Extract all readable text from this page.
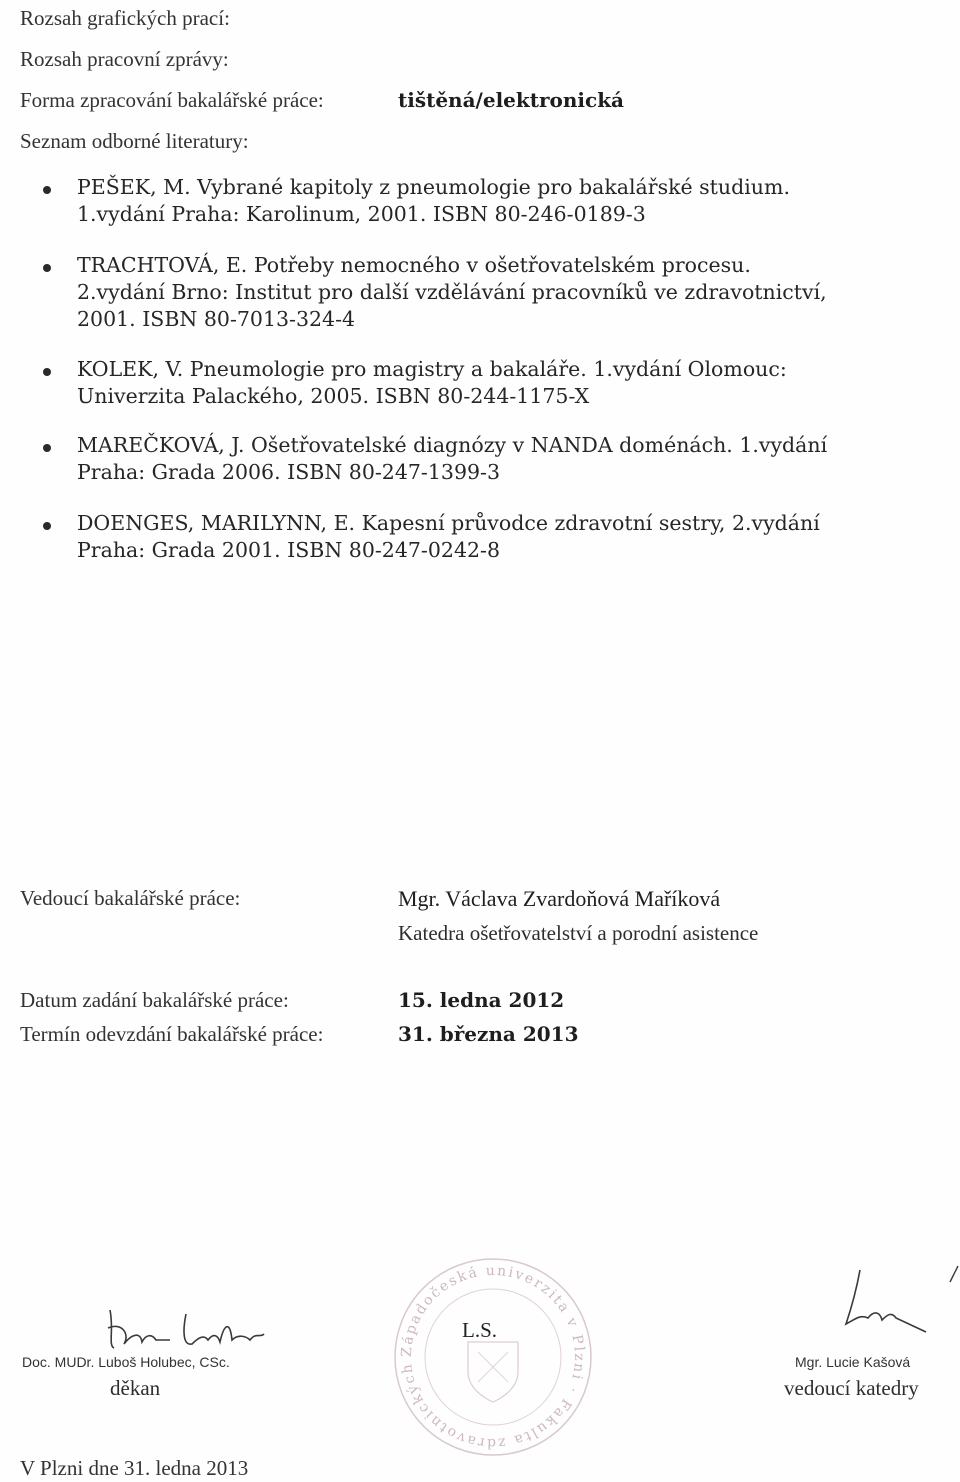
Rozsah grafických prací:
Rozsah pracovní zprávy:
Forma zpracování bakalářské práce:	tištěná/elektronická
Seznam odborné literatury:
PEŠEK, M. Vybrané kapitoly z pneumologie pro bakalářské studium.
1.vydání Praha: Karolinum, 2001. ISBN 80-246-0189-3
TRACHTOVÁ, E. Potřeby nemocného v ošetřovatelském procesu.
2.vydání Brno: Institut pro další vzdělávání pracovníků ve zdravotnictví,
2001. ISBN 80-7013-324-4
KOLEK, V. Pneumologie pro magistry a bakaláře. 1.vydání Olomouc:
Univerzita Palackého, 2005. ISBN 80-244-1175-X
MAREČKOVÁ, J. Ošetřovatelské diagnózy v NANDA doménách. 1.vydání
Praha: Grada 2006. ISBN 80-247-1399-3
DOENGES, MARILYNN, E. Kapesní průvodce zdravotní sestry, 2.vydání
Praha: Grada 2001. ISBN 80-247-0242-8
Vedoucí bakalářské práce:	Mgr. Václava Zvardoňová Maříková
Katedra ošetřovatelství a porodní asistence
Datum zadání bakalářské práce:	15. ledna 2012
Termín odevzdání bakalářské práce:	31. března 2013
Doc. MUDr. Luboš Holubec, CSc.
děkan
Západočeská univerzita v Plzni · Fakulta zdravotnických
L.S.
Mgr. Lucie Kašová
vedoucí katedry
V Plzni dne 31. ledna 2013
